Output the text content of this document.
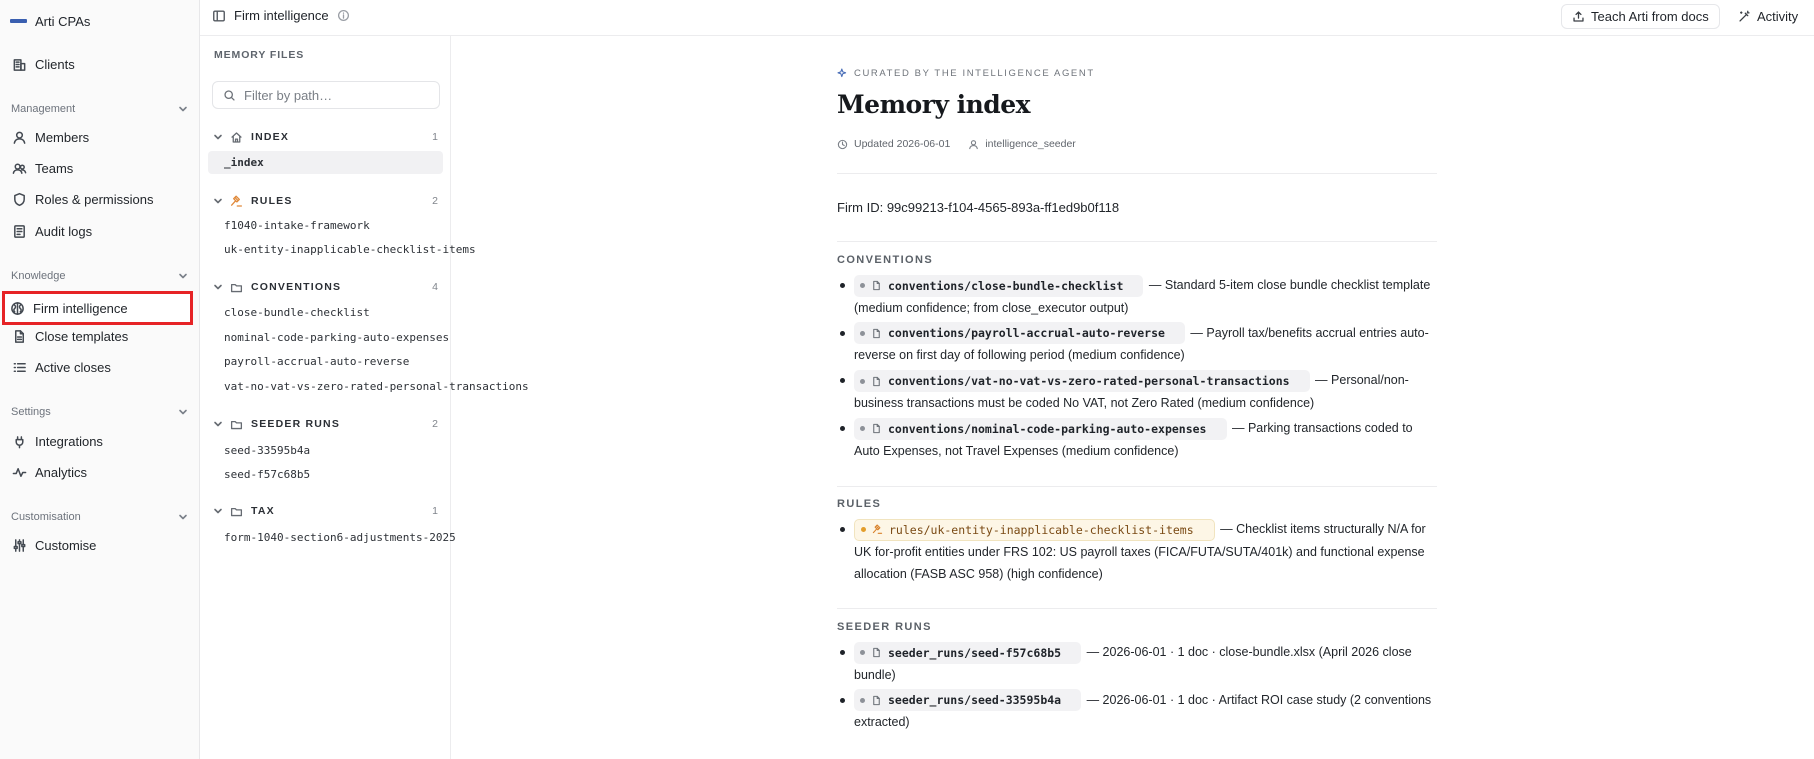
Arti CPAs
Clients
Management
Members
Teams
Roles & permissions
Audit logs
Knowledge
Firm intelligence
Close templates
Active closes
Settings
Integrations
Analytics
Customisation
Customise
Firm intelligence	Teach Arti from docs	Activity
MEMORY FILES
Filter by path…
INDEX	1
_index
RULES	2
f1040-intake-framework
uk-entity-inapplicable-checklist-items
CONVENTIONS	4
close-bundle-checklist
nominal-code-parking-auto-expenses
payroll-accrual-auto-reverse
vat-no-vat-vs-zero-rated-personal-transactions
SEEDER RUNS	2
seed-33595b4a
seed-f57c68b5
TAX	1
form-1040-section6-adjustments-2025
CURATED BY THE INTELLIGENCE AGENT
Memory index
Updated 2026-06-01	intelligence_seeder
Firm ID: 99c99213-f104-4565-893a-ff1ed9b0f118
CONVENTIONS
conventions/close-bundle-checklist — Standard 5-item close bundle checklist template (medium confidence; from close_executor output)
conventions/payroll-accrual-auto-reverse — Payroll tax/benefits accrual entries auto-reverse on first day of following period (medium confidence)
conventions/vat-no-vat-vs-zero-rated-personal-transactions — Personal/non-business transactions must be coded No VAT, not Zero Rated (medium confidence)
conventions/nominal-code-parking-auto-expenses — Parking transactions coded to Auto Expenses, not Travel Expenses (medium confidence)
RULES
rules/uk-entity-inapplicable-checklist-items — Checklist items structurally N/A for UK for-profit entities under FRS 102: US payroll taxes (FICA/FUTA/SUTA/401k) and functional expense allocation (FASB ASC 958) (high confidence)
SEEDER RUNS
seeder_runs/seed-f57c68b5 — 2026-06-01 · 1 doc · close-bundle.xlsx (April 2026 close bundle)
seeder_runs/seed-33595b4a — 2026-06-01 · 1 doc · Artifact ROI case study (2 conventions extracted)
